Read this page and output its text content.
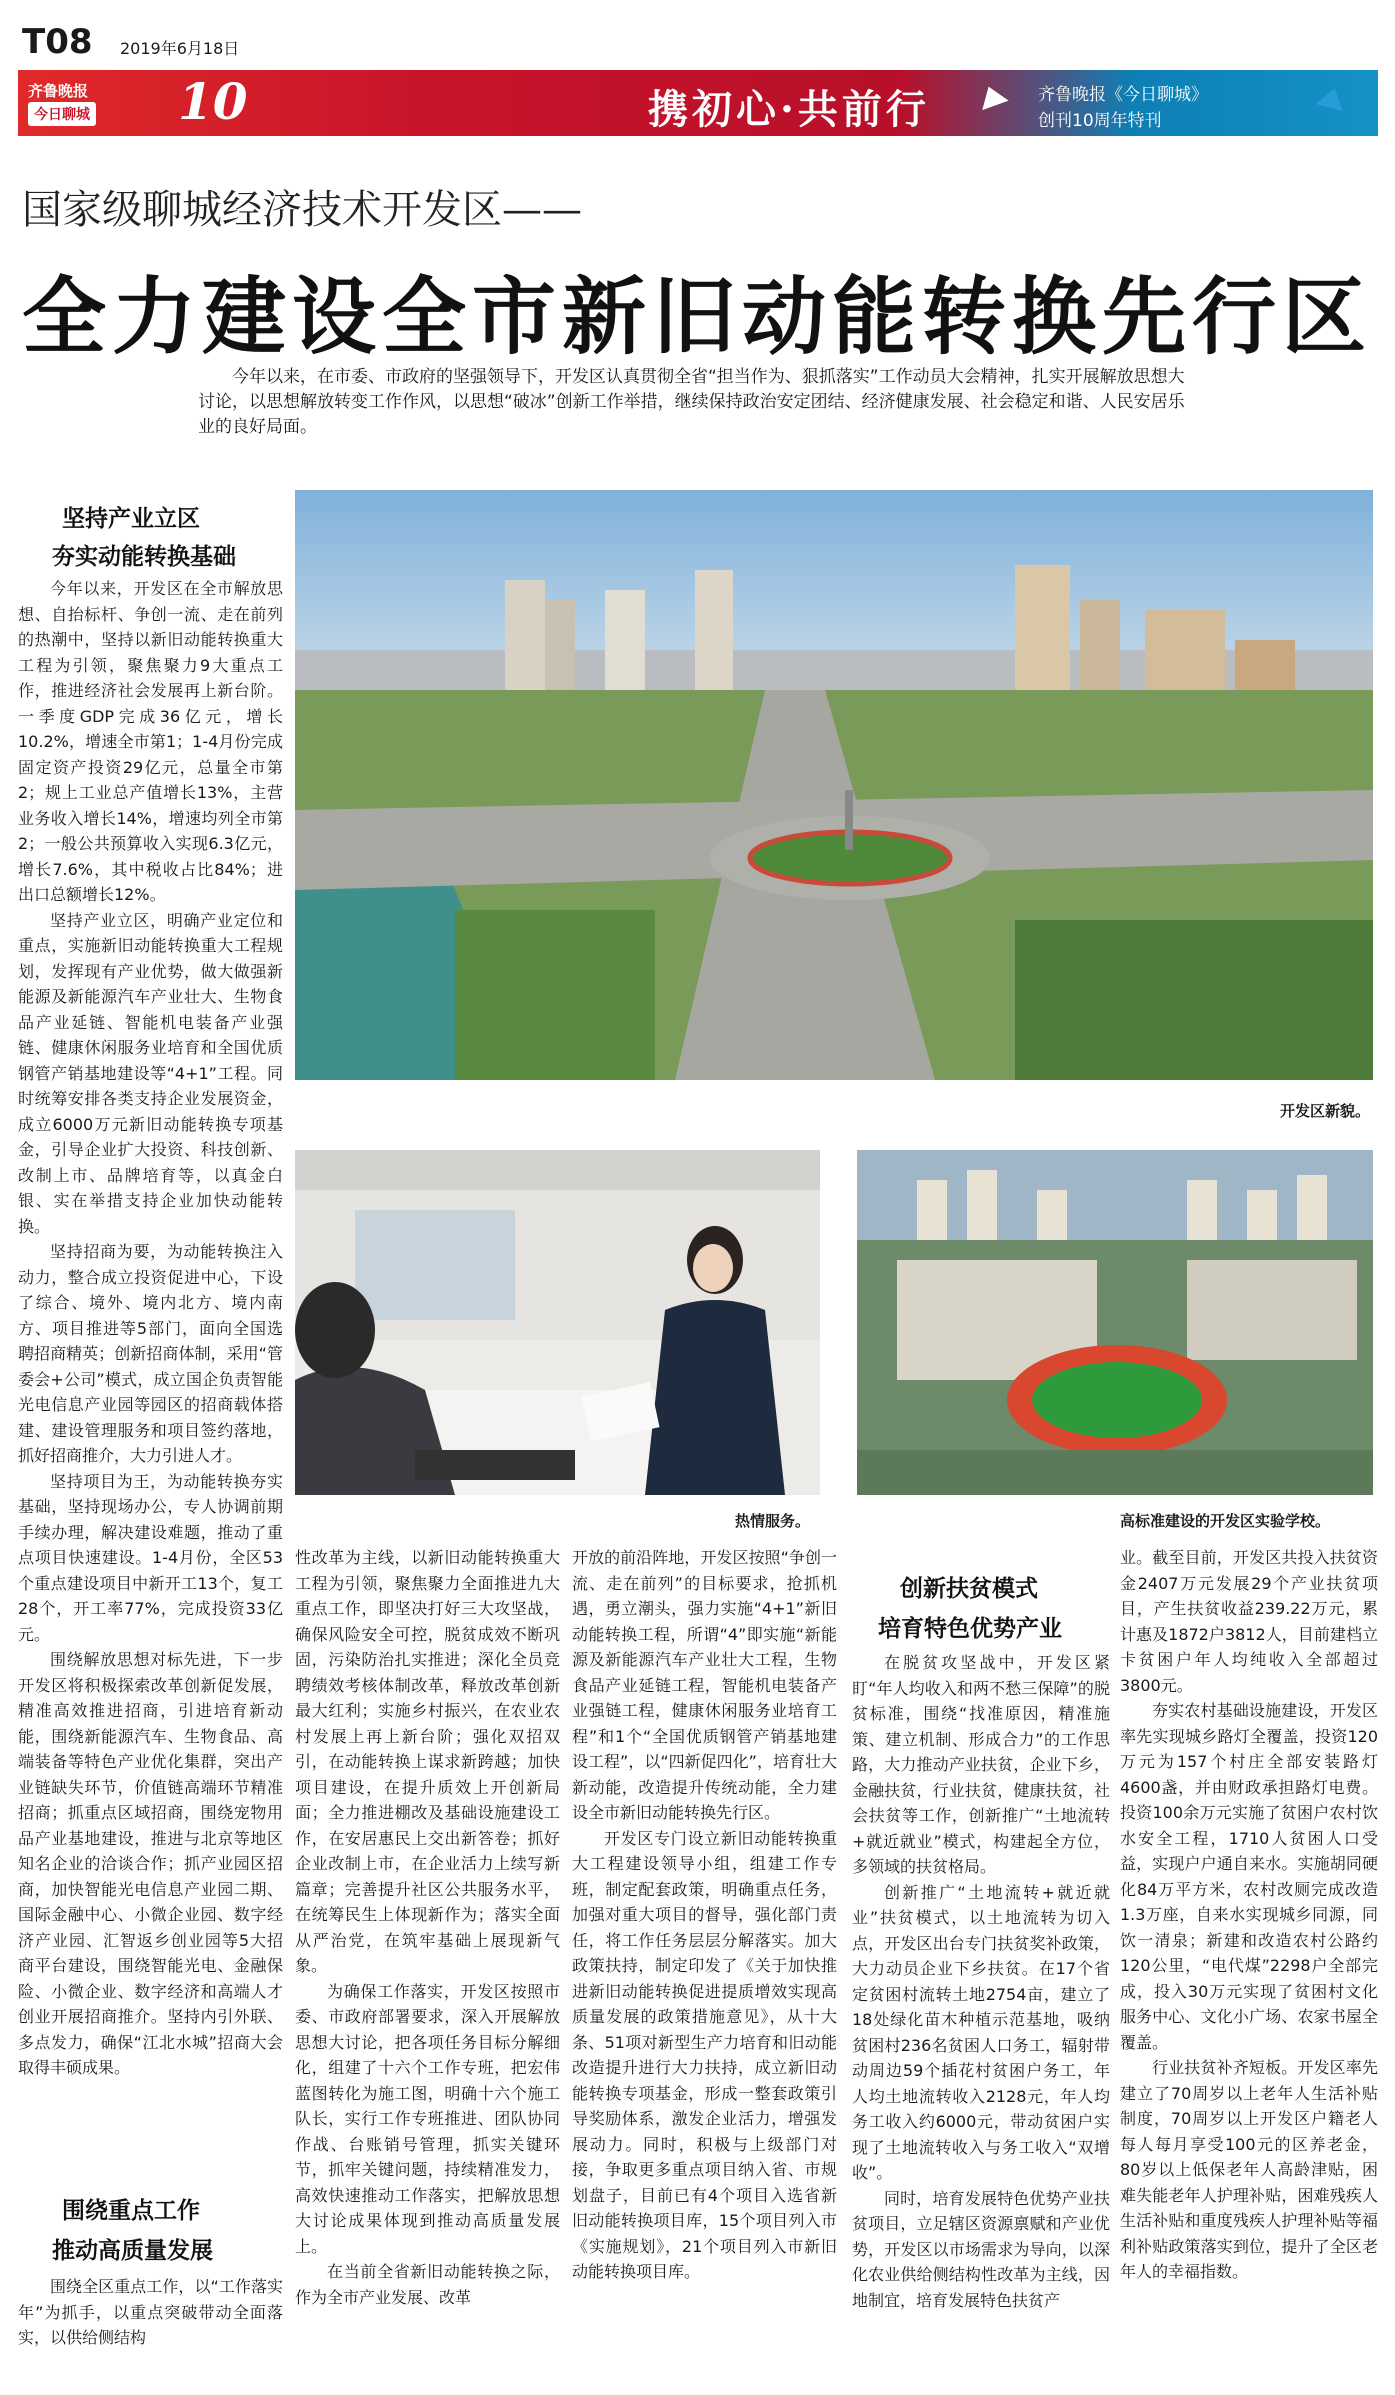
T08 2019年6月18日
齐鲁晚报
今日聊城 10	携初心·共前行	齐鲁晚报《今日聊城》
创刊10周年特刊
国家级聊城经济技术开发区——
全力建设全市新旧动能转换先行区
今年以来，在市委、市政府的坚强领导下，开发区认真贯彻全省“担当作为、狠抓落实”工作动员大会精神，扎实开展解放思想大讨论，以思想解放转变工作作风，以思想“破冰”创新工作举措，继续保持政治安定团结、经济健康发展、社会稳定和谐、人民安居乐业的良好局面。
开发区新貌。
热情服务。	高标准建设的开发区实验学校。
坚持产业立区
夯实动能转换基础

今年以来，开发区在全市解放思想、自抬标杆、争创一流、走在前列的热潮中，坚持以新旧动能转换重大工程为引领，聚焦聚力9大重点工作，推进经济社会发展再上新台阶。一季度GDP完成36亿元，增长10.2%，增速全市第1；1-4月份完成固定资产投资29亿元，总量全市第2；规上工业总产值增长13%，主营业务收入增长14%，增速均列全市第2；一般公共预算收入实现6.3亿元，增长7.6%，其中税收占比84%；进出口总额增长12%。

坚持产业立区，明确产业定位和重点，实施新旧动能转换重大工程规划，发挥现有产业优势，做大做强新能源及新能源汽车产业壮大、生物食品产业延链、智能机电装备产业强链、健康休闲服务业培育和全国优质钢管产销基地建设等“4+1”工程。同时统筹安排各类支持企业发展资金，成立6000万元新旧动能转换专项基金，引导企业扩大投资、科技创新、改制上市、品牌培育等，以真金白银、实在举措支持企业加快动能转换。

坚持招商为要，为动能转换注入动力，整合成立投资促进中心，下设了综合、境外、境内北方、境内南方、项目推进等5部门，面向全国选聘招商精英；创新招商体制，采用“管委会+公司”模式，成立国企负责智能光电信息产业园等园区的招商载体搭建、建设管理服务和项目签约落地，抓好招商推介，大力引进人才。

坚持项目为王，为动能转换夯实基础，坚持现场办公，专人协调前期手续办理，解决建设难题，推动了重点项目快速建设。1-4月份，全区53个重点建设项目中新开工13个，复工28个，开工率77%，完成投资33亿元。

围绕解放思想对标先进，下一步开发区将积极探索改革创新促发展，精准高效推进招商，引进培育新动能，围绕新能源汽车、生物食品、高端装备等特色产业优化集群，突出产业链缺失环节，价值链高端环节精准招商；抓重点区域招商，围绕宠物用品产业基地建设，推进与北京等地区知名企业的洽谈合作；抓产业园区招商，加快智能光电信息产业园二期、国际金融中心、小微企业园、数字经济产业园、汇智返乡创业园等5大招商平台建设，围绕智能光电、金融保险、小微企业、数字经济和高端人才创业开展招商推介。坚持内引外联、多点发力，确保“江北水城”招商大会取得丰硕成果。

围绕重点工作
推动高质量发展

围绕全区重点工作，以“工作落实年”为抓手，以重点突破带动全面落实，以供给侧结构

性改革为主线，以新旧动能转换重大工程为引领，聚焦聚力全面推进九大重点工作，即坚决打好三大攻坚战，确保风险安全可控，脱贫成效不断巩固，污染防治扎实推进；深化全员竞聘绩效考核体制改革，释放改革创新最大红利；实施乡村振兴，在农业农村发展上再上新台阶；强化双招双引，在动能转换上谋求新跨越；加快项目建设，在提升质效上开创新局面；全力推进棚改及基础设施建设工作，在安居惠民上交出新答卷；抓好企业改制上市，在企业活力上续写新篇章；完善提升社区公共服务水平，在统筹民生上体现新作为；落实全面从严治党，在筑牢基础上展现新气象。

为确保工作落实，开发区按照市委、市政府部署要求，深入开展解放思想大讨论，把各项任务目标分解细化，组建了十六个工作专班，把宏伟蓝图转化为施工图，明确十六个施工队长，实行工作专班推进、团队协同作战、台账销号管理，抓实关键环节，抓牢关键问题，持续精准发力，高效快速推动工作落实，把解放思想大讨论成果体现到推动高质量发展上。

在当前全省新旧动能转换之际，作为全市产业发展、改革

开放的前沿阵地，开发区按照“争创一流、走在前列”的目标要求，抢抓机遇，勇立潮头，强力实施“4+1”新旧动能转换工程，所谓“4”即实施“新能源及新能源汽车产业壮大工程，生物食品产业延链工程，智能机电装备产业强链工程，健康休闲服务业培育工程”和1个“全国优质钢管产销基地建设工程”，以“四新促四化”，培育壮大新动能，改造提升传统动能，全力建设全市新旧动能转换先行区。

开发区专门设立新旧动能转换重大工程建设领导小组，组建工作专班，制定配套政策，明确重点任务，加强对重大项目的督导，强化部门责任，将工作任务层层分解落实。加大政策扶持，制定印发了《关于加快推进新旧动能转换促进提质增效实现高质量发展的政策措施意见》，从十大条、51项对新型生产力培育和旧动能改造提升进行大力扶持，成立新旧动能转换专项基金，形成一整套政策引导奖励体系，激发企业活力，增强发展动力。同时，积极与上级部门对接，争取更多重点项目纳入省、市规划盘子，目前已有4个项目入选省新旧动能转换项目库，15个项目列入市《实施规划》，21个项目列入市新旧动能转换项目库。

创新扶贫模式
培育特色优势产业

在脱贫攻坚战中，开发区紧盯“年人均收入和两不愁三保障”的脱贫标准，围绕“找准原因，精准施策、建立机制、形成合力”的工作思路，大力推动产业扶贫，企业下乡，金融扶贫，行业扶贫，健康扶贫，社会扶贫等工作，创新推广“土地流转+就近就业”模式，构建起全方位，多领域的扶贫格局。

创新推广“土地流转+就近就业”扶贫模式，以土地流转为切入点，开发区出台专门扶贫奖补政策，大力动员企业下乡扶贫。在17个省定贫困村流转土地2754亩，建立了18处绿化苗木种植示范基地，吸纳贫困村236名贫困人口务工，辐射带动周边59个插花村贫困户务工，年人均土地流转收入2128元，年人均务工收入约6000元，带动贫困户实现了土地流转收入与务工收入“双增收”。

同时，培育发展特色优势产业扶贫项目，立足辖区资源禀赋和产业优势，开发区以市场需求为导向，以深化农业供给侧结构性改革为主线，因地制宜，培育发展特色扶贫产

业。截至目前，开发区共投入扶贫资金2407万元发展29个产业扶贫项目，产生扶贫收益239.22万元，累计惠及1872户3812人，目前建档立卡贫困户年人均纯收入全部超过3800元。

夯实农村基础设施建设，开发区率先实现城乡路灯全覆盖，投资120万元为157个村庄全部安装路灯4600盏，并由财政承担路灯电费。投资100余万元实施了贫困户农村饮水安全工程，1710人贫困人口受益，实现户户通自来水。实施胡同硬化84万平方米，农村改厕完成改造1.3万座，自来水实现城乡同源，同饮一清泉；新建和改造农村公路约120公里，“电代煤”2298户全部完成，投入30万元实现了贫困村文化服务中心、文化小广场、农家书屋全覆盖。

行业扶贫补齐短板。开发区率先建立了70周岁以上老年人生活补贴制度，70周岁以上开发区户籍老人每人每月享受100元的区养老金，80岁以上低保老年人高龄津贴，困难失能老年人护理补贴，困难残疾人生活补贴和重度残疾人护理补贴等福利补贴政策落实到位，提升了全区老年人的幸福指数。
